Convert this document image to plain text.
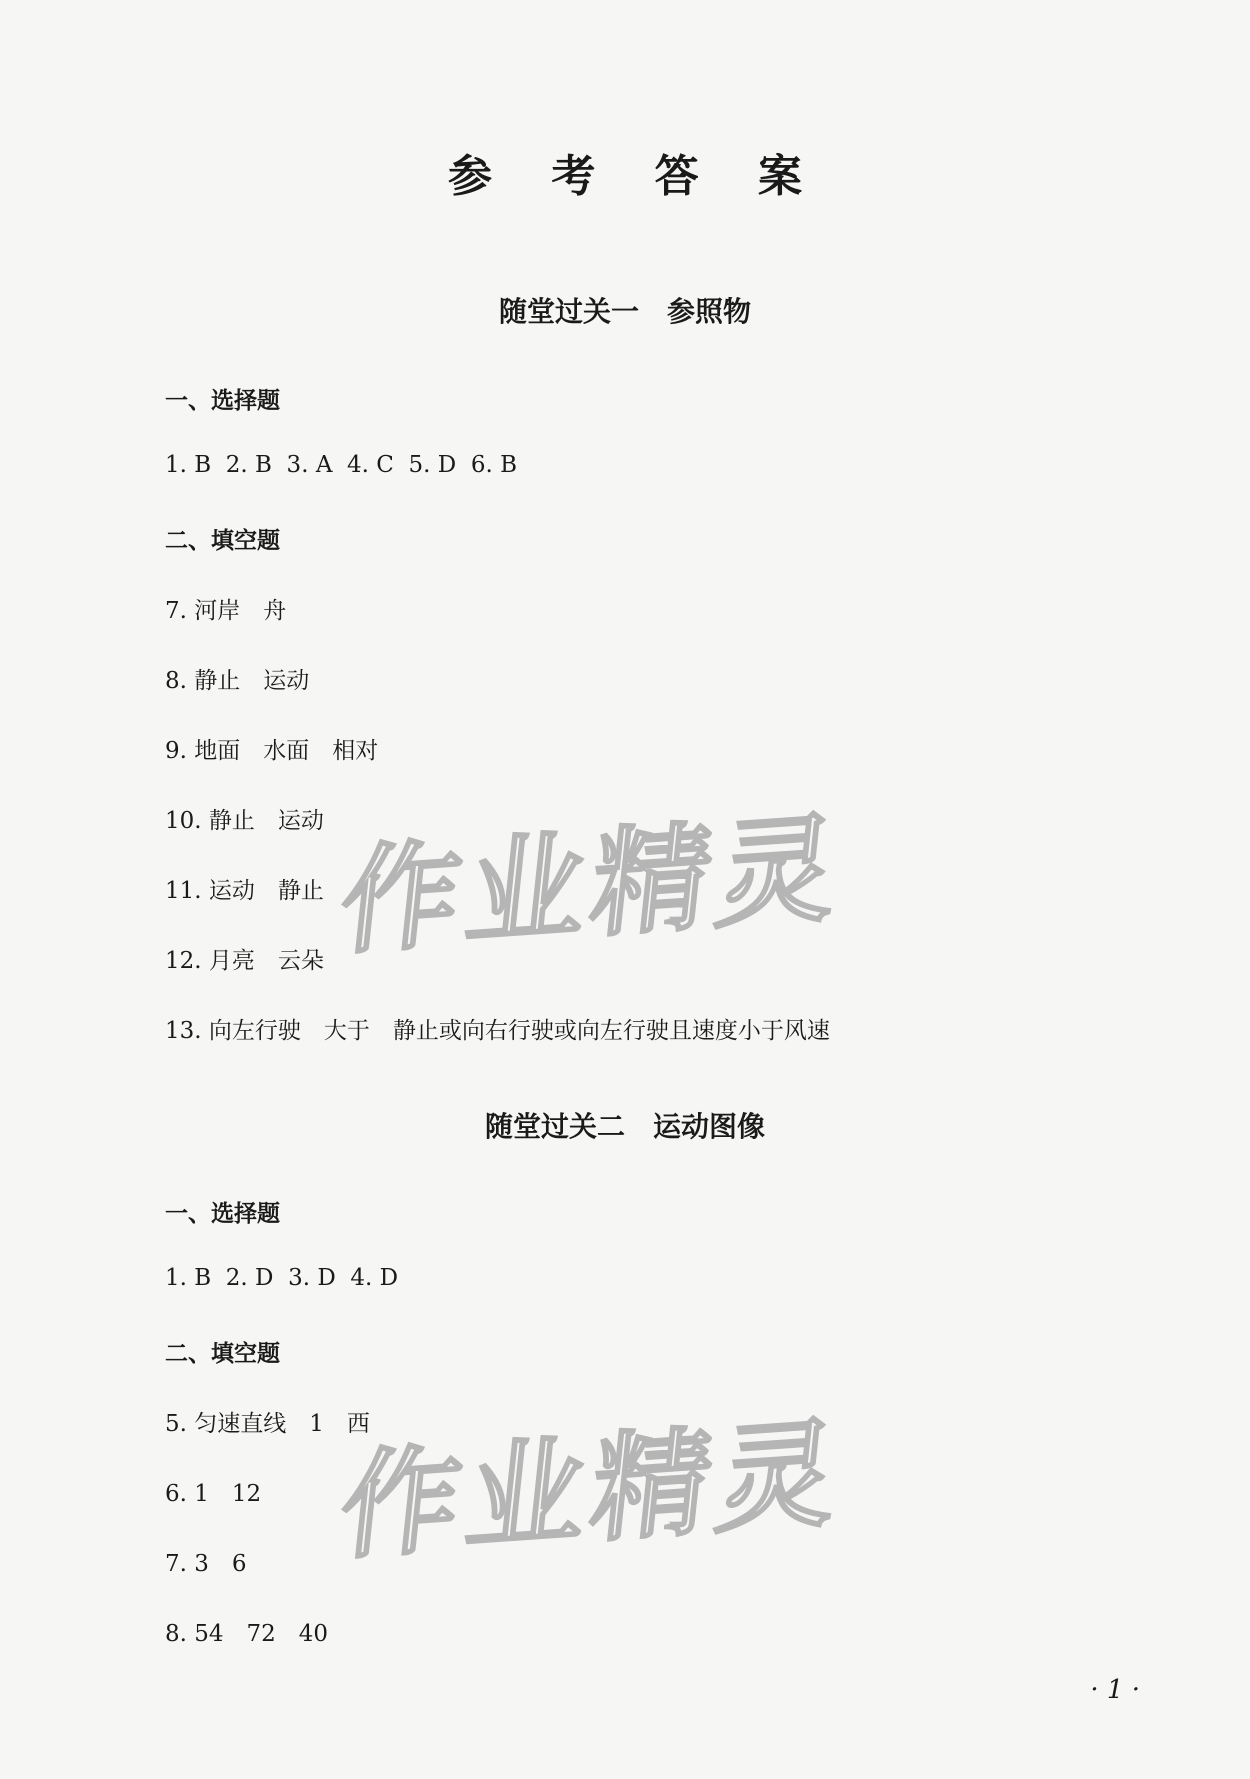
参 考 答 案
随堂过关一　参照物
一、选择题
1. B  2. B  3. A  4. C  5. D  6. B
二、填空题
7. 河岸　舟
8. 静止　运动
9. 地面　水面　相对
10. 静止　运动
11. 运动　静止
12. 月亮　云朵
13. 向左行驶　大于　静止或向右行驶或向左行驶且速度小于风速
随堂过关二　运动图像
一、选择题
1. B  2. D  3. D  4. D
二、填空题
5. 匀速直线　1　西
6. 1　12
7. 3　6
8. 54　72　40
作业精灵
作业精灵
· 1 ·
